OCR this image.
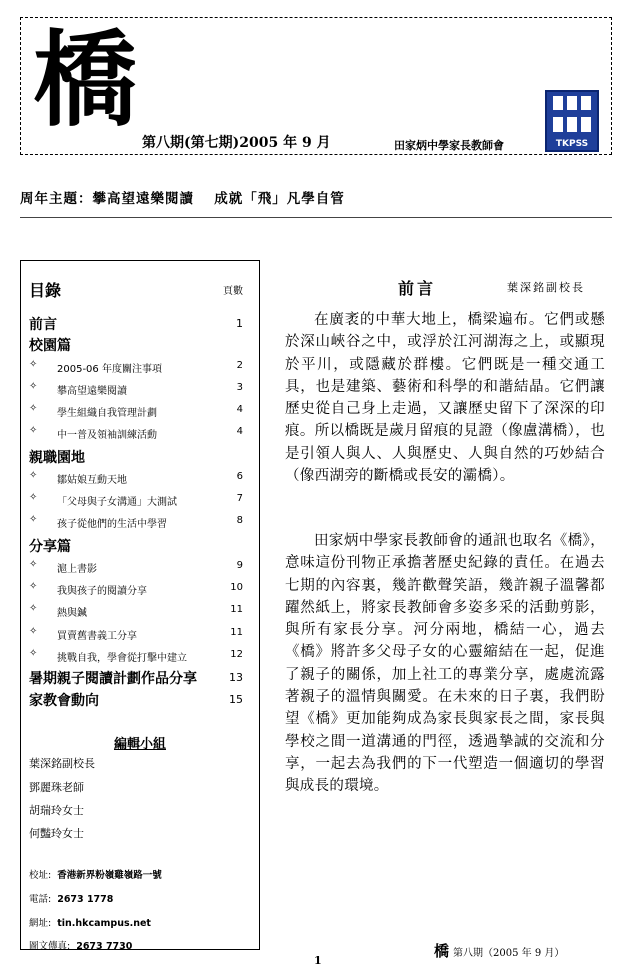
橋
第八期(第七期)2005 年 9 月	田家炳中學家長教師會	TKPSS
周年主題：攀高望遠樂閱讀　 成就「飛」凡學自管
目錄	頁數
前言	1
校園篇
✧ 2005-06 年度關注事項	2
✧ 攀高望遠樂閱讀	3
✧ 學生組織自我管理計劃	4
✧ 中一普及領袖訓練活動	4
親職園地
✧ 鄒姑娘互動天地	6
✧ 「父母與子女溝通」大測試	7
✧ 孩子從他們的生活中學習	8
分享篇
✧ 滬上書影	9
✧ 我與孩子的閱讀分享	10
✧ 熱與鍼	11
✧ 買賣舊書義工分享	11
✧ 挑戰自我，學會從打擊中建立	12
暑期親子閱讀計劃作品分享	13
家教會動向	15
編輯小組
葉深銘副校長
鄧麗珠老師
胡瑞玲女士
何豔玲女士
校址: 香港新界粉嶺雞嶺路一號
電話: 2673 1778
網址: tin.hkcampus.net
圖文傳真: 2673 7730
前言	葉深銘副校長

在廣袤的中華大地上，橋梁遍布。它們或懸於深山峽谷之中，或浮於江河湖海之上，或顯現於平川，或隱藏於群樓。它們既是一種交通工具，也是建築、藝術和科學的和諧結晶。它們讓歷史從自己身上走過，又讓歷史留下了深深的印痕。所以橋既是歲月留痕的見證（像盧溝橋），也是引領人與人、人與歷史、人與自然的巧妙結合（像西湖旁的斷橋或長安的灞橋）。

田家炳中學家長教師會的通訊也取名《橋》，意味這份刊物正承擔著歷史紀錄的責任。在過去七期的內容裏，幾許歡聲笑語，幾許親子溫馨都躍然紙上，將家長教師會多姿多采的活動剪影，與所有家長分享。河分兩地，橋結一心，過去《橋》將許多父母子女的心靈縮結在一起，促進了親子的關係，加上社工的專業分享，處處流露著親子的溫情與關愛。在未來的日子裏，我們盼望《橋》更加能夠成為家長與家長之間，家長與學校之間一道溝通的門徑，透過摯誠的交流和分享，一起去為我們的下一代塑造一個適切的學習與成長的環境。

橋第八期（2005 年 9 月）
1
